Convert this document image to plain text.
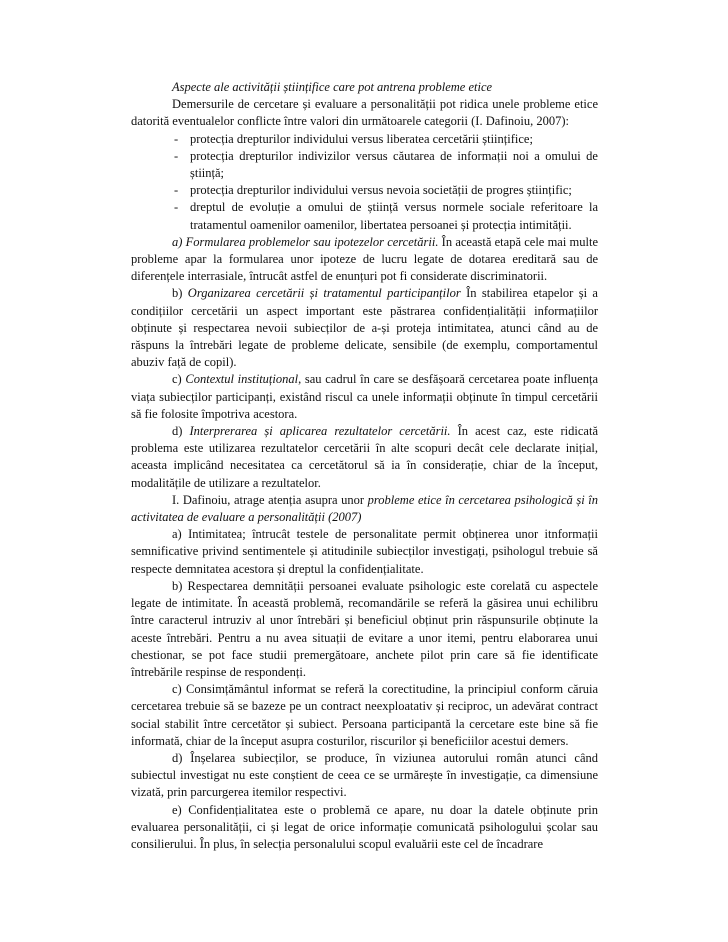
Aspecte ale activității științifice care pot antrena probleme etice

Demersurile de cercetare și evaluare a personalității pot ridica unele probleme etice datorită eventualelor conflicte între valori din următoarele categorii (I. Dafinoiu, 2007):

- protecția drepturilor individului versus liberatea cercetării științifice;
- protecția drepturilor indivizilor versus căutarea de informații noi a omului de știință;
- protecția drepturilor individului versus nevoia societății de progres științific;
- dreptul de evoluție a omului de știință versus normele sociale referitoare la tratamentul oamenilor oamenilor, libertatea persoanei și protecția intimității.

a) Formularea problemelor sau ipotezelor cercetării. În această etapă cele mai multe probleme apar la formularea unor ipoteze de lucru legate de dotarea ereditară sau de diferențele interrasiale, întrucât astfel de enunțuri pot fi considerate discriminatorii.

b) Organizarea cercetării și tratamentul participanților În stabilirea etapelor și a condițiilor cercetării un aspect important este păstrarea confidențialității informațiilor obținute și respectarea nevoii subiecților de a-și proteja intimitatea, atunci când au de răspuns la întrebări legate de probleme delicate, sensibile (de exemplu, comportamentul abuziv față de copil).

c) Contextul instituțional, sau cadrul în care se desfășoară cercetarea poate influența viața subiecților participanți, existând riscul ca unele informații obținute în timpul cercetării să fie folosite împotriva acestora.

d) Interprerarea și aplicarea rezultatelor cercetării. În acest caz, este ridicată problema este utilizarea rezultatelor cercetării în alte scopuri decât cele declarate inițial, aceasta implicând necesitatea ca cercetătorul să ia în considerație, chiar de la început, modalitățile de utilizare a rezultatelor.

I. Dafinoiu, atrage atenția asupra unor probleme etice în cercetarea psihologică și în activitatea de evaluare a personalității (2007)

a) Intimitatea; întrucât testele de personalitate permit obținerea unor itnformații semnificative privind sentimentele și atitudinile subiecților investigați, psihologul trebuie să respecte demnitatea acestora și dreptul la confidențialitate.

b) Respectarea demnității persoanei evaluate psihologic este corelată cu aspectele legate de intimitate. În această problemă, recomandările se referă la găsirea unui echilibru între caracterul intruziv al unor întrebări și beneficiul obținut prin răspunsurile obținute la aceste întrebări. Pentru a nu avea situații de evitare a unor itemi, pentru elaborarea unui chestionar, se pot face studii premergătoare, anchete pilot prin care să fie identificate întrebările respinse de respondenți.

c) Consimțământul informat se referă la corectitudine, la principiul conform căruia cercetarea trebuie să se bazeze pe un contract neexploatativ și reciproc, un adevărat contract social stabilit între cercetător și subiect. Persoana participantă la cercetare este bine să fie informată, chiar de la început asupra costurilor, riscurilor și beneficiilor acestui demers.

d) Înșelarea subiecților, se produce, în viziunea autorului român atunci când subiectul investigat nu este conștient de ceea ce se urmărește în investigație, ca dimensiune vizată, prin parcurgerea itemilor respectivi.

e) Confidențialitatea este o problemă ce apare, nu doar la datele obținute prin evaluarea personalității, ci și legat de orice informație comunicată psihologului școlar sau consilierului. În plus, în selecția personalului scopul evaluării este cel de încadrare
